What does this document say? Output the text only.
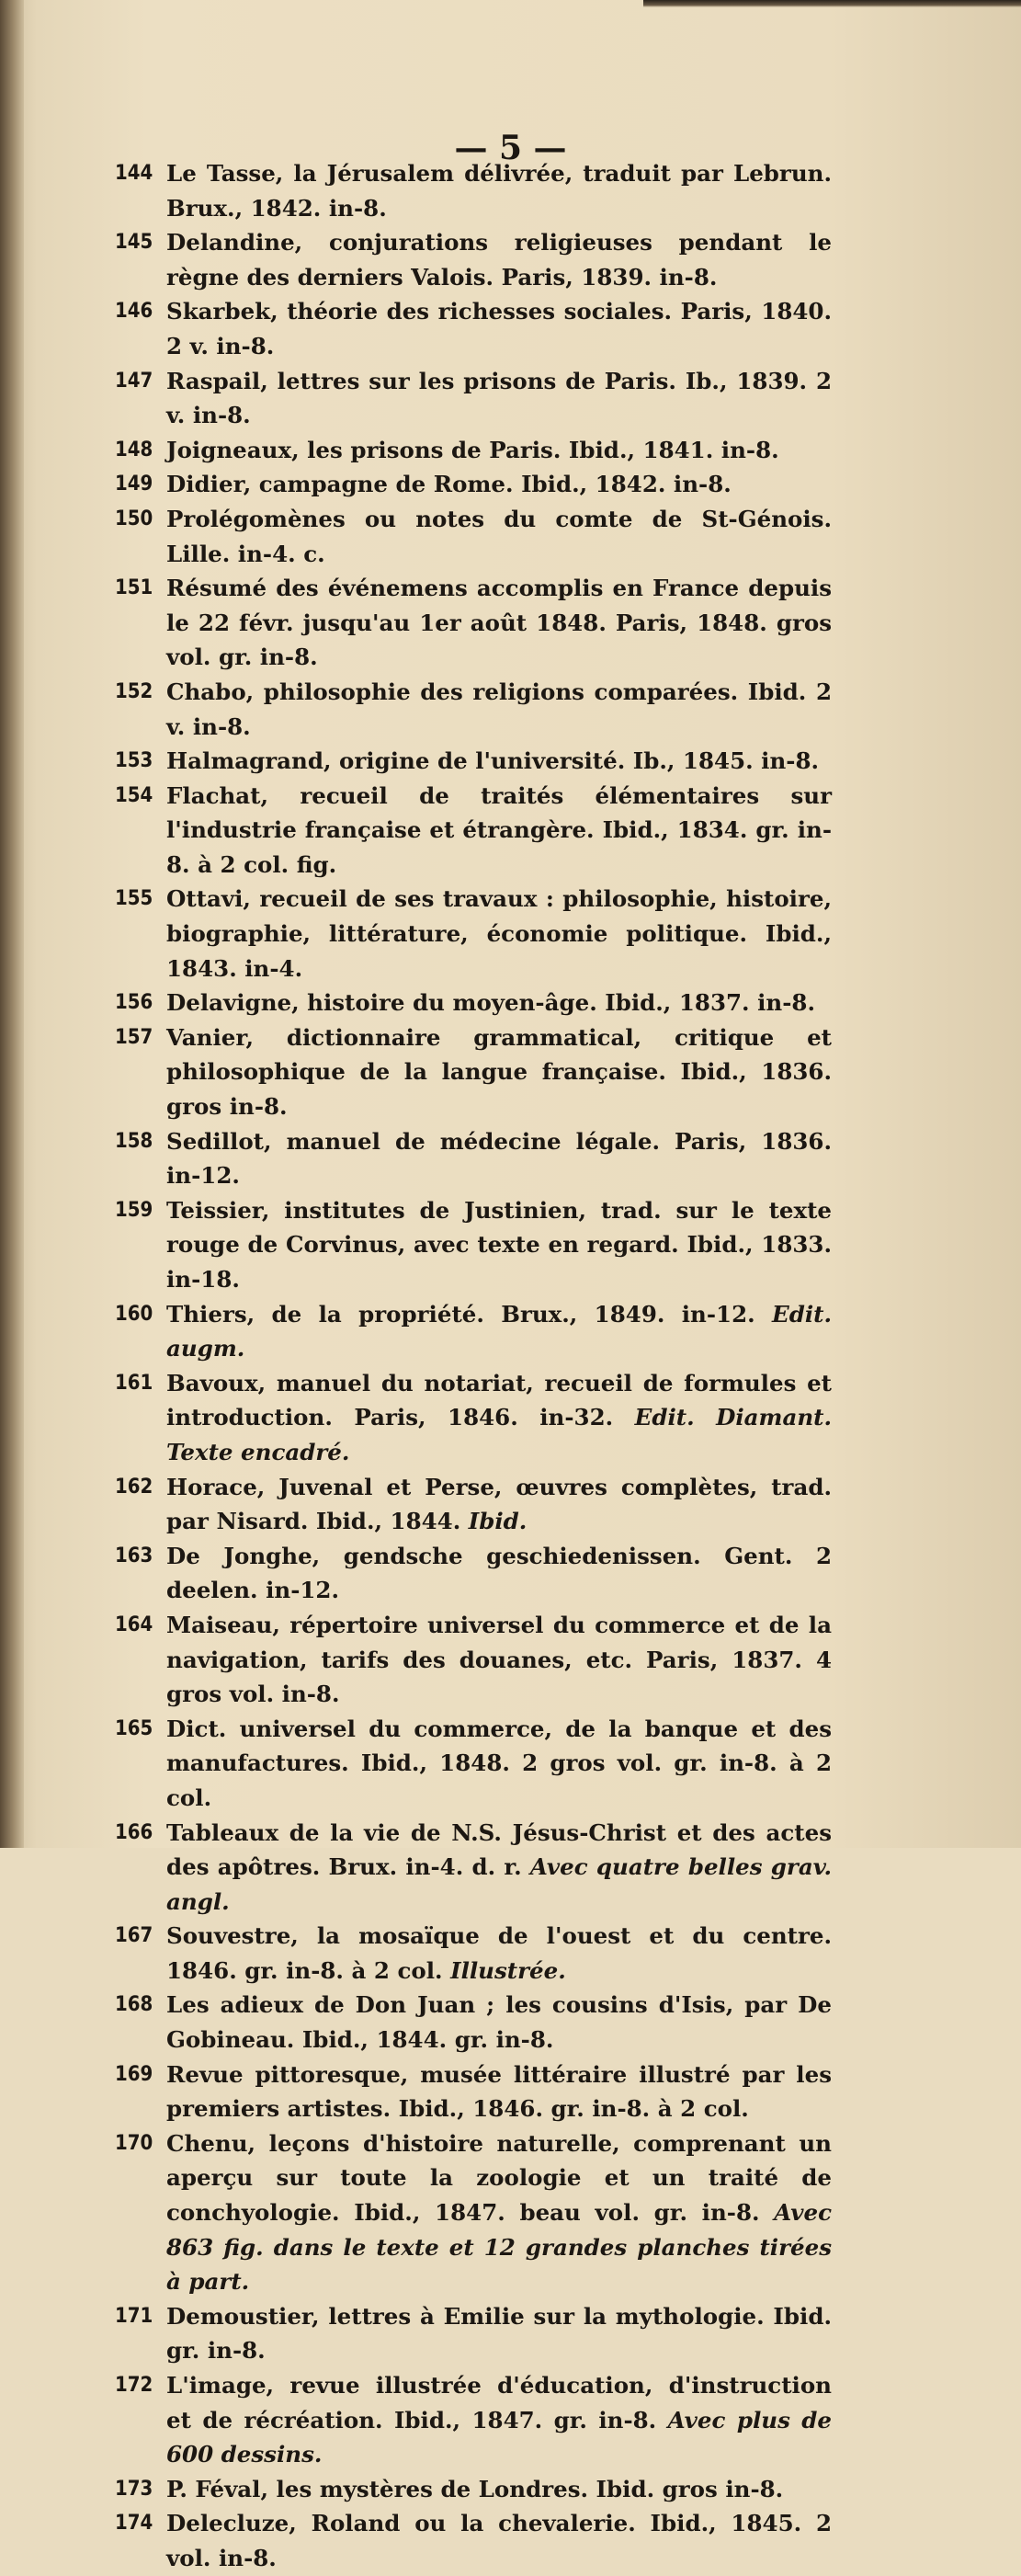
— 5 —
144 Le Tasse, la Jérusalem délivrée, traduit par Lebrun. Brux., 1842. in-8.
145 Delandine, conjurations religieuses pendant le règne des derniers Valois. Paris, 1839. in-8.
146 Skarbek, théorie des richesses sociales. Paris, 1840. 2 v. in-8.
147 Raspail, lettres sur les prisons de Paris. Ib., 1839. 2 v. in-8.
148 Joigneaux, les prisons de Paris. Ibid., 1841. in-8.
149 Didier, campagne de Rome. Ibid., 1842. in-8.
150 Prolégomènes ou notes du comte de St-Génois. Lille. in-4. c.
151 Résumé des événemens accomplis en France depuis le 22 févr. jusqu'au 1er août 1848. Paris, 1848. gros vol. gr. in-8.
152 Chabo, philosophie des religions comparées. Ibid. 2 v. in-8.
153 Halmagrand, origine de l'université. Ib., 1845. in-8.
154 Flachat, recueil de traités élémentaires sur l'industrie française et étrangère. Ibid., 1834. gr. in-8. à 2 col. fig.
155 Ottavi, recueil de ses travaux : philosophie, histoire, biographie, littérature, économie politique. Ibid., 1843. in-4.
156 Delavigne, histoire du moyen-âge. Ibid., 1837. in-8.
157 Vanier, dictionnaire grammatical, critique et philosophique de la langue française. Ibid., 1836. gros in-8.
158 Sedillot, manuel de médecine légale. Paris, 1836. in-12.
159 Teissier, institutes de Justinien, trad. sur le texte rouge de Corvinus, avec texte en regard. Ibid., 1833. in-18.
160 Thiers, de la propriété. Brux., 1849. in-12. Edit. augm.
161 Bavoux, manuel du notariat, recueil de formules et introduction. Paris, 1846. in-32. Edit. Diamant. Texte encadré.
162 Horace, Juvenal et Perse, œuvres complètes, trad. par Nisard. Ibid., 1844. Ibid.
163 De Jonghe, gendsche geschiedenissen. Gent. 2 deelen. in-12.
164 Maiseau, répertoire universel du commerce et de la navigation, tarifs des douanes, etc. Paris, 1837. 4 gros vol. in-8.
165 Dict. universel du commerce, de la banque et des manufactures. Ibid., 1848. 2 gros vol. gr. in-8. à 2 col.
166 Tableaux de la vie de N.S. Jésus-Christ et des actes des apôtres. Brux. in-4. d. r. Avec quatre belles grav. angl.
167 Souvestre, la mosaïque de l'ouest et du centre. 1846. gr. in-8. à 2 col. Illustrée.
168 Les adieux de Don Juan ; les cousins d'Isis, par De Gobineau. Ibid., 1844. gr. in-8.
169 Revue pittoresque, musée littéraire illustré par les premiers artistes. Ibid., 1846. gr. in-8. à 2 col.
170 Chenu, leçons d'histoire naturelle, comprenant un aperçu sur toute la zoologie et un traité de conchyologie. Ibid., 1847. beau vol. gr. in-8. Avec 863 fig. dans le texte et 12 grandes planches tirées à part.
171 Demoustier, lettres à Emilie sur la mythologie. Ibid. gr. in-8.
172 L'image, revue illustrée d'éducation, d'instruction et de récréation. Ibid., 1847. gr. in-8. Avec plus de 600 dessins.
173 P. Féval, les mystères de Londres. Ibid. gros in-8.
174 Delecluze, Roland ou la chevalerie. Ibid., 1845. 2 vol. in-8.
